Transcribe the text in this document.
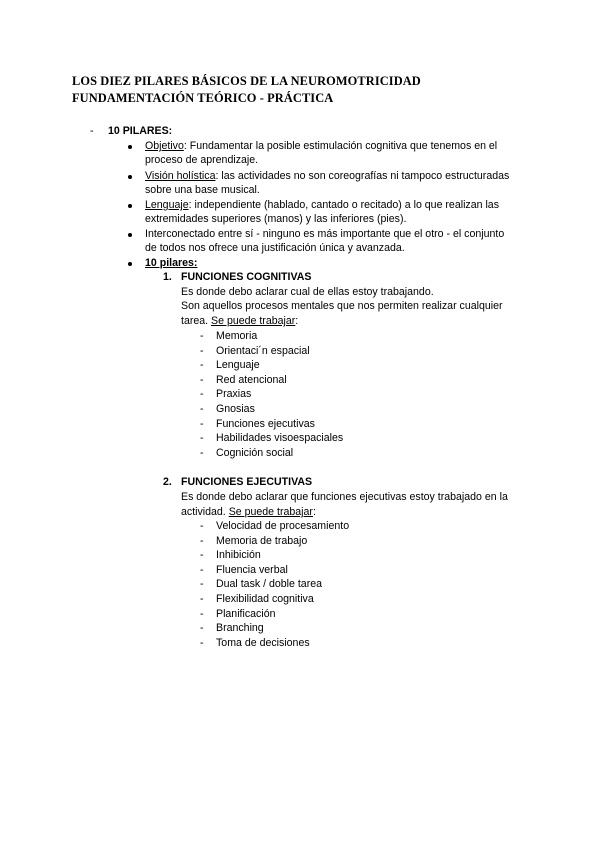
LOS DIEZ PILARES BÁSICOS DE LA NEUROMOTRICIDAD
FUNDAMENTACIÓN TEÓRICO - PRÁCTICA
- 10 PILARES:
Objetivo: Fundamentar la posible estimulación cognitiva que tenemos en el
proceso de aprendizaje.
Visión holística: las actividades no son coreografías ni tampoco estructuradas
sobre una base musical.
Lenguaje: independiente (hablado, cantado o recitado) a lo que realizan las
extremidades superiores (manos) y las inferiores (pies).
Interconectado entre sí - ninguno es más importante que el otro - el conjunto
de todos nos ofrece una justificación única y avanzada.
10 pilares:
1. FUNCIONES COGNITIVAS
Es donde debo aclarar cual de ellas estoy trabajando.
Son aquellos procesos mentales que nos permiten realizar cualquier
tarea. Se puede trabajar:
- Memoria
- Orientaci´n espacial
- Lenguaje
- Red atencional
- Praxias
- Gnosias
- Funciones ejecutivas
- Habilidades visoespaciales
- Cognición social
2. FUNCIONES EJECUTIVAS
Es donde debo aclarar que funciones ejecutivas estoy trabajado en la
actividad. Se puede trabajar:
- Velocidad de procesamiento
- Memoria de trabajo
- Inhibición
- Fluencia verbal
- Dual task / doble tarea
- Flexibilidad cognitiva
- Planificación
- Branching
- Toma de decisiones
